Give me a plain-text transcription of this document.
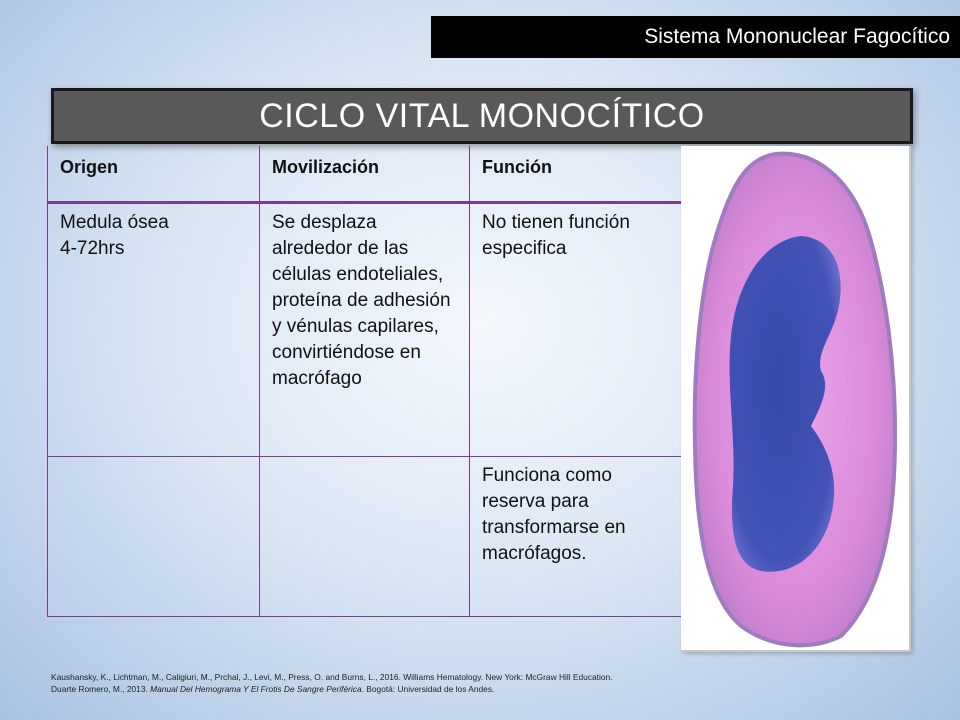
Sistema Mononuclear Fagocítico
CICLO VITAL MONOCÍTICO
Origen	Movilización	Función

Medula ósea
4-72hrs	Se desplaza alrededor de las células endoteliales, proteína de adhesión y vénulas capilares, convirtiéndose en macrófago	No tienen función especifica
		Funciona como reserva para transformarse en macrófagos.
Kaushansky, K., Lichtman, M., Caligiuri, M., Prchal, J., Levi, M., Press, O. and Burns, L., 2016. Williams Hematology. New York: McGraw Hill Education.
Duarte Romero, M., 2013. Manual Del Hemograma Y El Frotis De Sangre Periférica. Bogotá: Universidad de los Andes.
